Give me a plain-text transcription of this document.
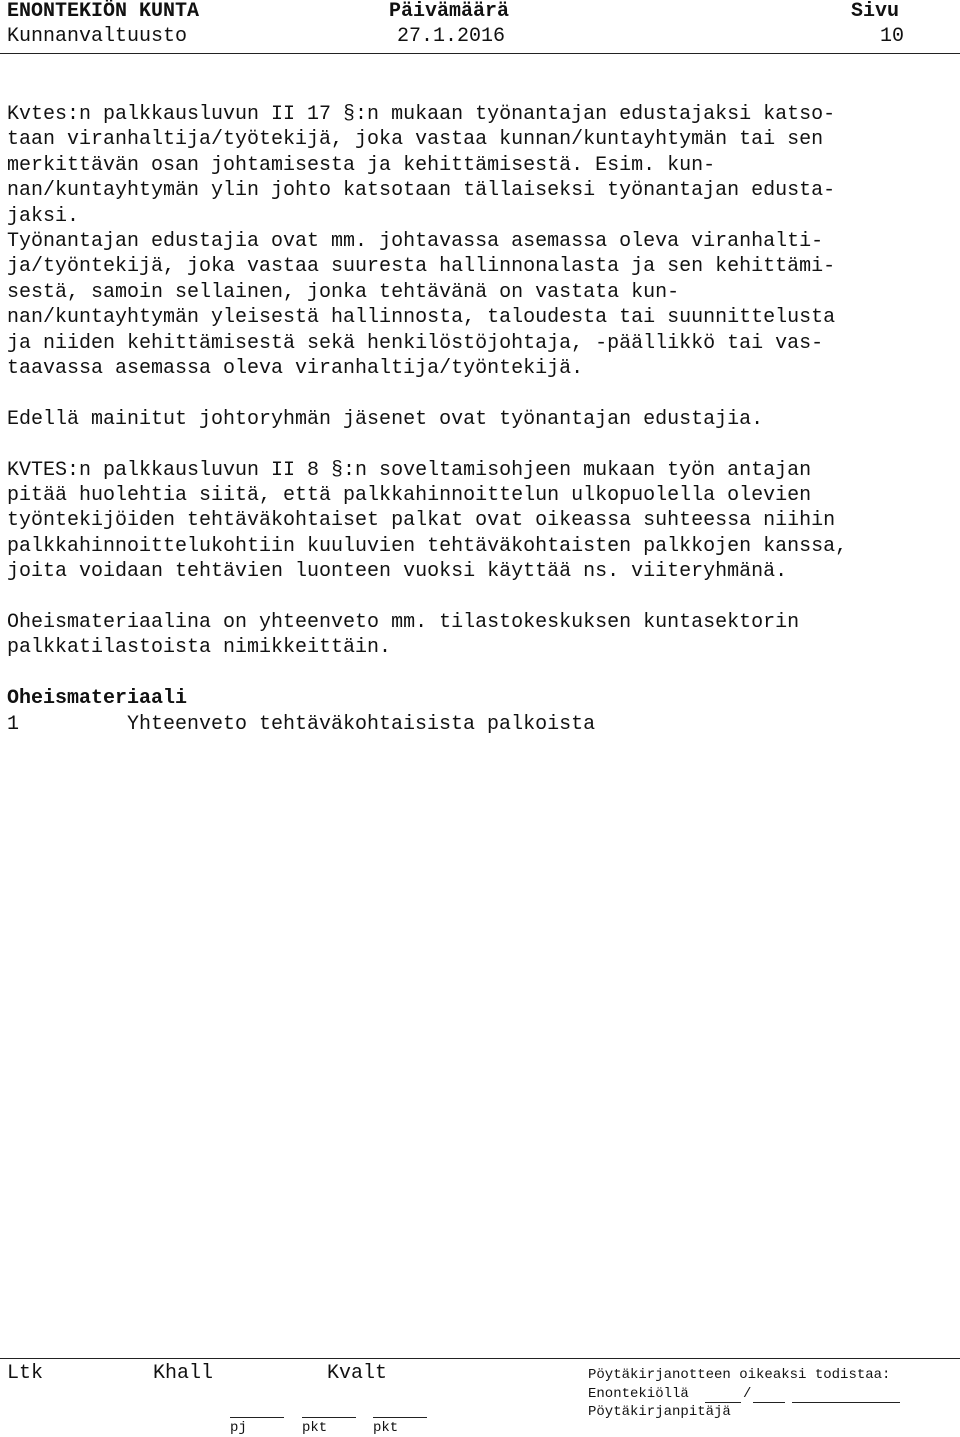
ENONTEKIÖN KUNTA	Päivämäärä	Sivu
Kunnanvaltuusto	27.1.2016	10

Kvtes:n palkkausluvun II 17 §:n mukaan työnantajan edustajaksi katso-
taan viranhaltija/työtekijä, joka vastaa kunnan/kuntayhtymän tai sen
merkittävän osan johtamisesta ja kehittämisestä. Esim. kun-
nan/kuntayhtymän ylin johto katsotaan tällaiseksi työnantajan edusta-
jaksi.
Työnantajan edustajia ovat mm. johtavassa asemassa oleva viranhalti-
ja/työntekijä, joka vastaa suuresta hallinnonalasta ja sen kehittämi-
sestä, samoin sellainen, jonka tehtävänä on vastata kun-
nan/kuntayhtymän yleisestä hallinnosta, taloudesta tai suunnittelusta
ja niiden kehittämisestä sekä henkilöstöjohtaja, -päällikkö tai vas-
taavassa asemassa oleva viranhaltija/työntekijä.

Edellä mainitut johtoryhmän jäsenet ovat työnantajan edustajia.

KVTES:n palkkausluvun II 8 §:n soveltamisohjeen mukaan työn antajan
pitää huolehtia siitä, että palkkahinnoittelun ulkopuolella olevien
työntekijöiden tehtäväkohtaiset palkat ovat oikeassa suhteessa niihin
palkkahinnoittelukohtiin kuuluvien tehtäväkohtaisten palkkojen kanssa,
joita voidaan tehtävien luonteen vuoksi käyttää ns. viiteryhmänä.

Oheismateriaalina on yhteenveto mm. tilastokeskuksen kuntasektorin
palkkatilastoista nimikkeittäin.

Oheismateriaali
1	Yhteenveto tehtäväkohtaisista palkoista
Ltk	Khall	Kvalt
pj	pkt	pkt
Pöytäkirjanotteen oikeaksi todistaa:
Enontekiöllä	/
Pöytäkirjanpitäjä
